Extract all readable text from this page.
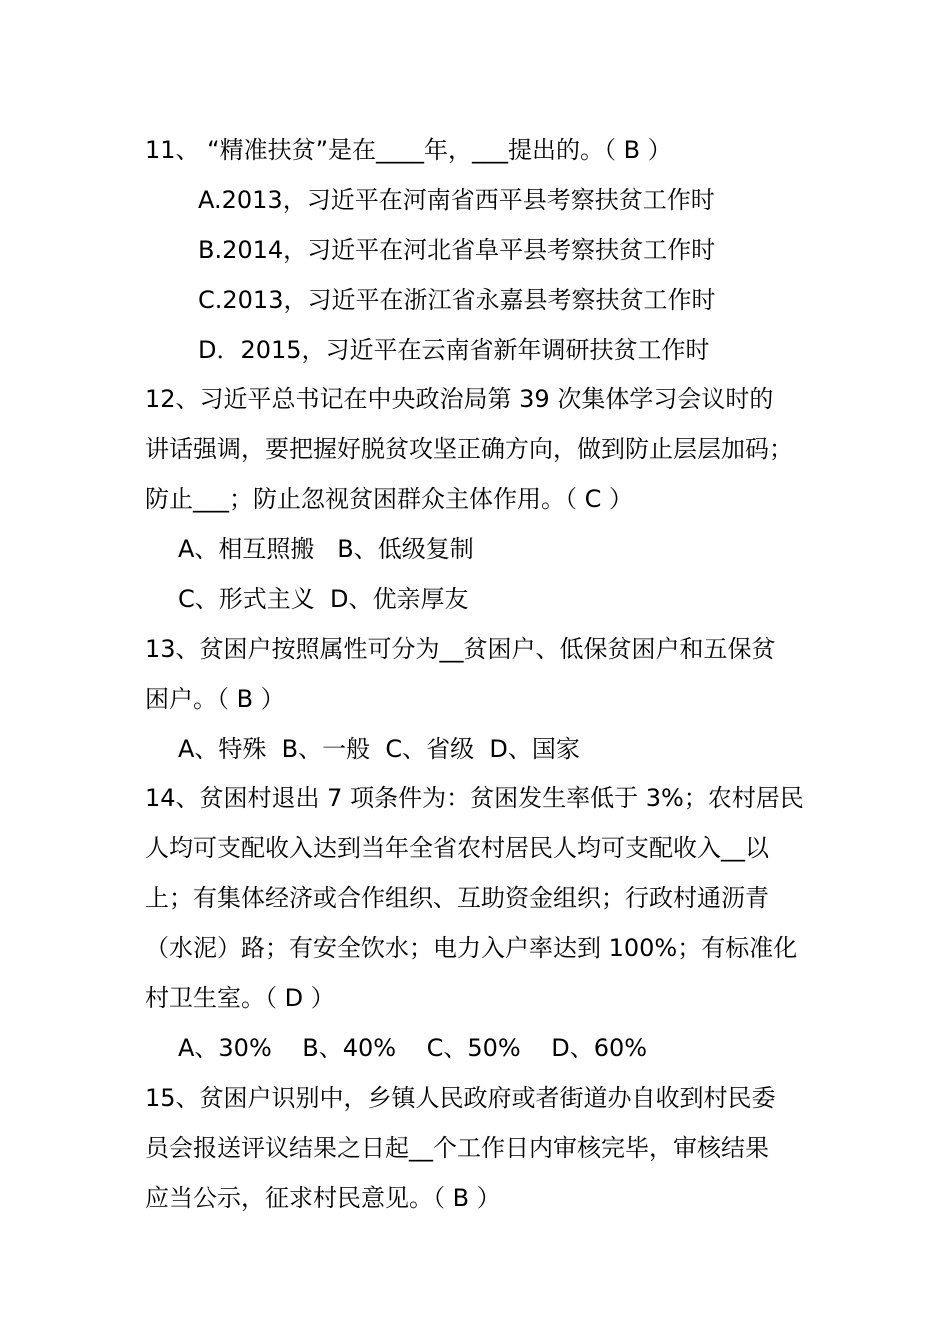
11、 “精准扶贫”是在____年，___提出的。（ B ）
A.2013，习近平在河南省西平县考察扶贫工作时
B.2014，习近平在河北省阜平县考察扶贫工作时
C.2013，习近平在浙江省永嘉县考察扶贫工作时
D．2015，习近平在云南省新年调研扶贫工作时
12、习近平总书记在中央政治局第 39 次集体学习会议时的
讲话强调，要把握好脱贫攻坚正确方向，做到防止层层加码；
防止___；防止忽视贫困群众主体作用。（ C ）
A、相互照搬   B、低级复制
C、形式主义  D、优亲厚友
13、贫困户按照属性可分为__贫困户、低保贫困户和五保贫
困户。（ B ）
A、特殊  B、一般  C、省级  D、国家
14、贫困村退出 7 项条件为：贫困发生率低于 3%；农村居民
人均可支配收入达到当年全省农村居民人均可支配收入__以
上；有集体经济或合作组织、互助资金组织；行政村通沥青
（水泥）路；有安全饮水；电力入户率达到 100%；有标准化
村卫生室。（ D ）
A、30%    B、40%    C、50%    D、60%
15、贫困户识别中，乡镇人民政府或者街道办自收到村民委
员会报送评议结果之日起__个工作日内审核完毕，审核结果
应当公示，征求村民意见。（ B ）
